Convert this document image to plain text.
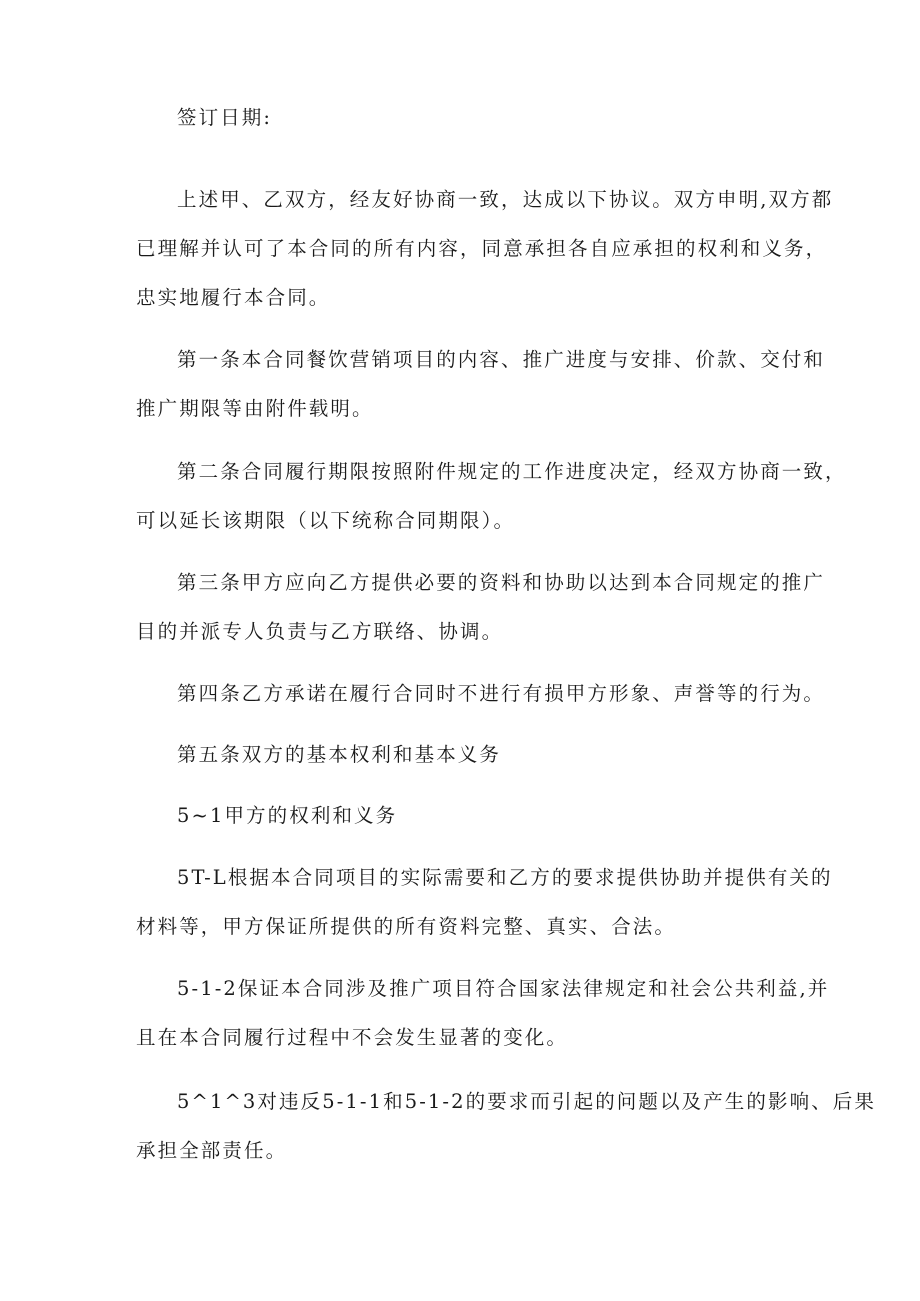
签订日期:
上述甲、乙双方，经友好协商一致，达成以下协议。双方申明,双方都
已理解并认可了本合同的所有内容，同意承担各自应承担的权利和义务，
忠实地履行本合同。
第一条本合同餐饮营销项目的内容、推广进度与安排、价款、交付和
推广期限等由附件载明。
第二条合同履行期限按照附件规定的工作进度决定，经双方协商一致，
可以延长该期限（以下统称合同期限）。
第三条甲方应向乙方提供必要的资料和协助以达到本合同规定的推广
目的并派专人负责与乙方联络、协调。
第四条乙方承诺在履行合同时不进行有损甲方形象、声誉等的行为。
第五条双方的基本权利和基本义务
5~1甲方的权利和义务
5T-L根据本合同项目的实际需要和乙方的要求提供协助并提供有关的
材料等，甲方保证所提供的所有资料完整、真实、合法。
5-1-2保证本合同涉及推广项目符合国家法律规定和社会公共利益,并
且在本合同履行过程中不会发生显著的变化。
5^1^3对违反5-1-1和5-1-2的要求而引起的问题以及产生的影响、后果
承担全部责任。
